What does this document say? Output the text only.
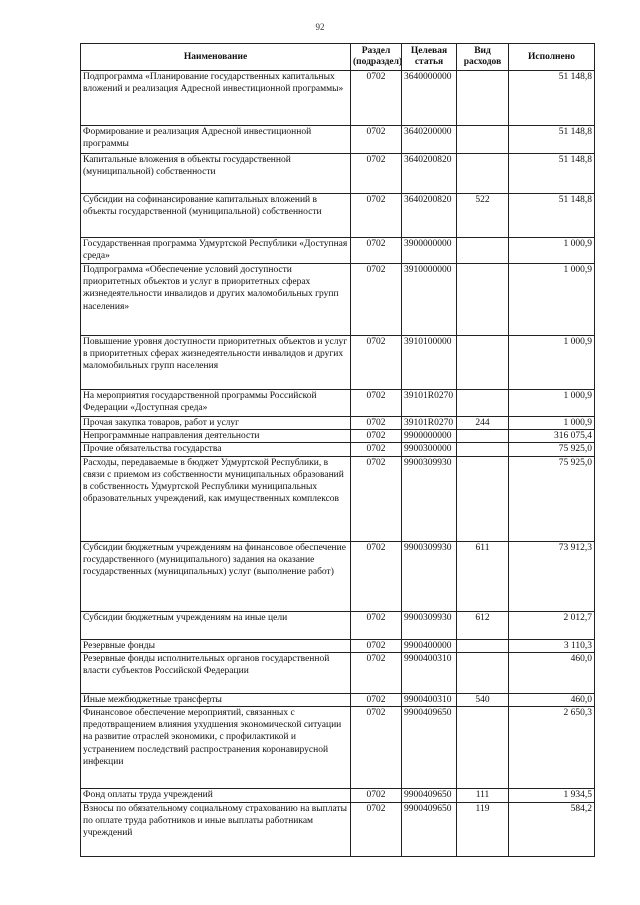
92
Наименование	Раздел (подраздел)	Целевая статья	Вид расходов	Исполнено
Подпрограмма «Планирование государственных капитальных вложений и реализация Адресной инвестиционной программы»	0702	3640000000		51 148,8
Формирование и реализация Адресной инвестиционной программы	0702	3640200000		51 148,8
Капитальные вложения в объекты государственной (муниципальной) собственности	0702	3640200820		51 148,8
Субсидии на софинансирование капитальных вложений в объекты государственной (муниципальной) собственности	0702	3640200820	522	51 148,8
Государственная программа Удмуртской Республики «Доступная среда»	0702	3900000000		1 000,9
Подпрограмма «Обеспечение условий доступности приоритетных объектов и услуг в приоритетных сферах жизнедеятельности инвалидов и других маломобильных групп населения»	0702	3910000000		1 000,9
Повышение уровня доступности приоритетных объектов и услуг в приоритетных сферах жизнедеятельности инвалидов и других маломобильных групп населения	0702	3910100000		1 000,9
На мероприятия государственной программы Российской Федерации «Доступная среда»	0702	39101R0270		1 000,9
Прочая закупка товаров, работ и услуг	0702	39101R0270	244	1 000,9
Непрограммные направления деятельности	0702	9900000000		316 075,4
Прочие обязательства государства	0702	9900300000		75 925,0
Расходы, передаваемые в бюджет Удмуртской Республики, в связи с приемом из собственности муниципальных образований в собственность Удмуртской Республики муниципальных образовательных учреждений, как имущественных комплексов	0702	9900309930		75 925,0
Субсидии бюджетным учреждениям на финансовое обеспечение государственного (муниципального) задания на оказание государственных (муниципальных) услуг (выполнение работ)	0702	9900309930	611	73 912,3
Субсидии бюджетным учреждениям на иные цели	0702	9900309930	612	2 012,7
Резервные фонды	0702	9900400000		3 110,3
Резервные фонды исполнительных органов государственной власти субъектов Российской Федерации	0702	9900400310		460,0
Иные межбюджетные трансферты	0702	9900400310	540	460,0
Финансовое обеспечение мероприятий, связанных с предотвращением влияния ухудшения экономической ситуации на развитие отраслей экономики, с профилактикой и устранением последствий распространения коронавирусной инфекции	0702	9900409650		2 650,3
Фонд оплаты труда учреждений	0702	9900409650	111	1 934,5
Взносы по обязательному социальному страхованию на выплаты по оплате труда работников и иные выплаты работникам учреждений	0702	9900409650	119	584,2
